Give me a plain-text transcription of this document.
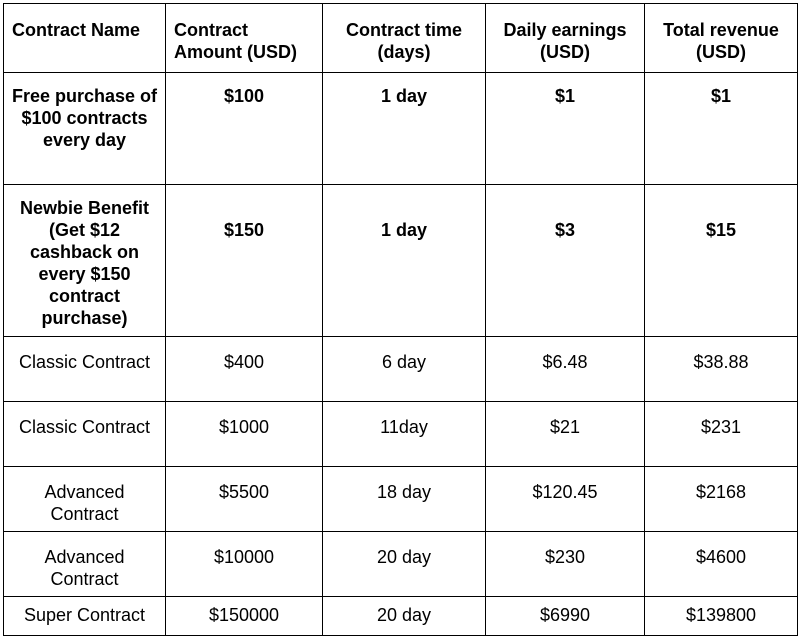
Contract Name	Contract Amount (USD)	Contract time (days)	Daily earnings (USD)	Total revenue (USD)
Free purchase of $100 contracts every day	$100	1 day	$1	$1
Newbie Benefit (Get $12 cashback on every $150 contract purchase)	$150	1 day	$3	$15
Classic Contract	$400	6 day	$6.48	$38.88
Classic Contract	$1000	11day	$21	$231
Advanced Contract	$5500	18 day	$120.45	$2168
Advanced Contract	$10000	20 day	$230	$4600
Super Contract	$150000	20 day	$6990	$139800
